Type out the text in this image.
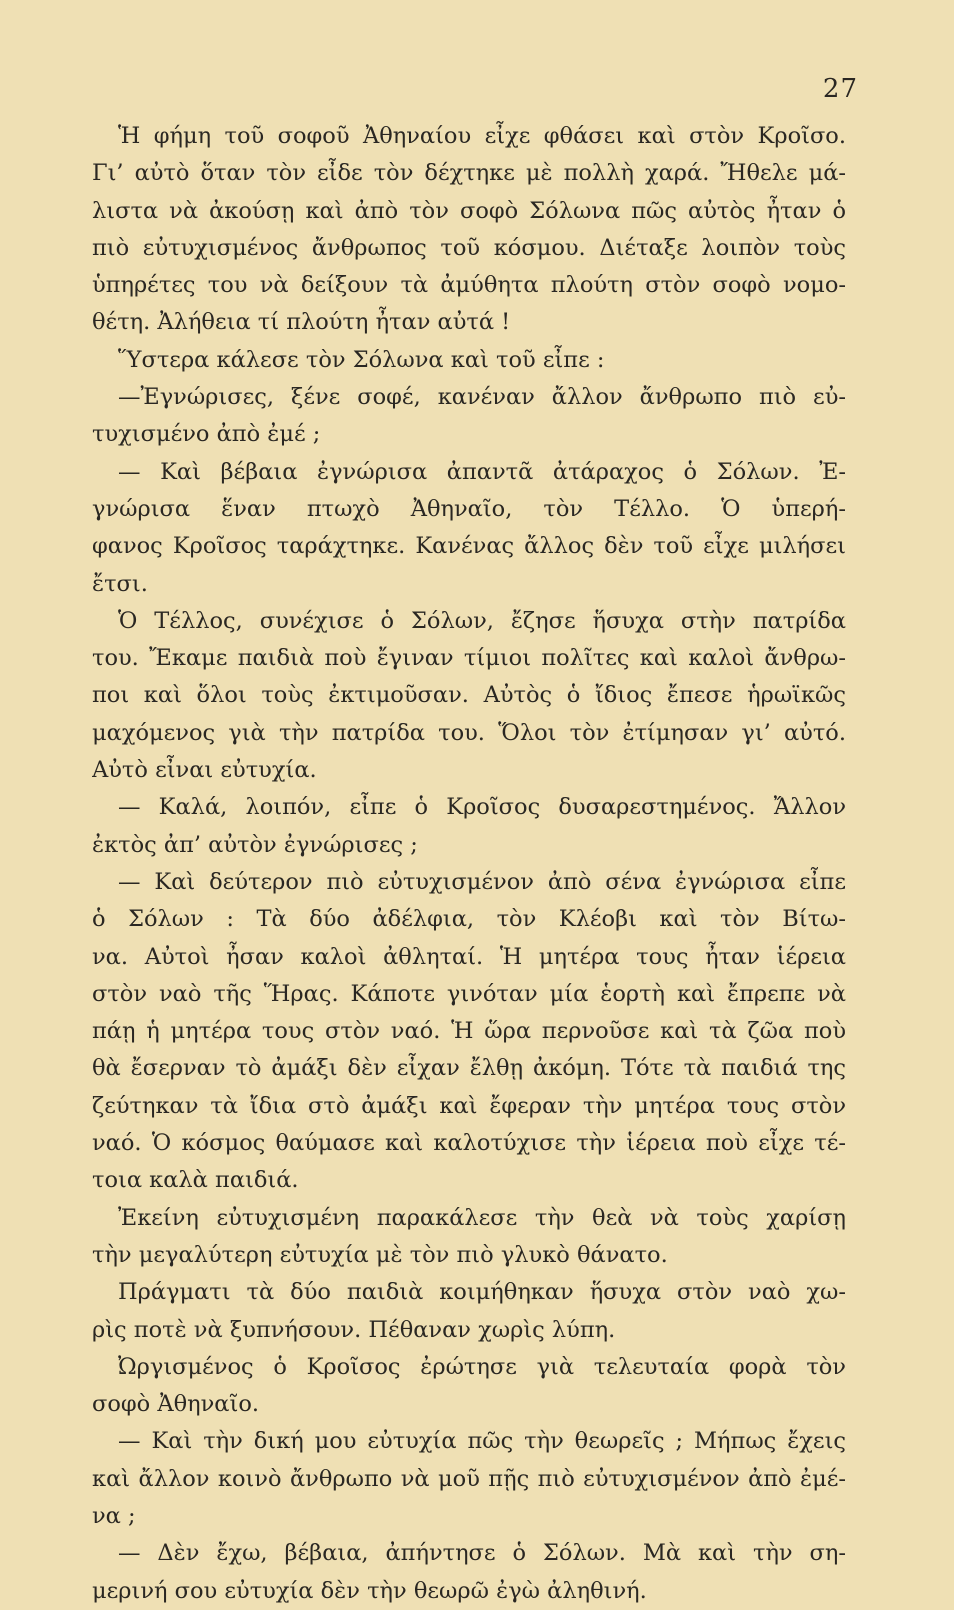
27
Ἡ φήμη τοῦ σοφοῦ Ἀθηναίου εἶχε φθάσει καὶ στὸν Κροῖσο.
Γι’ αὐτὸ ὅταν τὸν εἶδε τὸν δέχτηκε μὲ πολλὴ χαρά. Ἤθελε μά-
λιστα νὰ ἀκούσῃ καὶ ἀπὸ τὸν σοφὸ Σόλωνα πῶς αὐτὸς ἦταν ὁ
πιὸ εὐτυχισμένος ἄνθρωπος τοῦ κόσμου. Διέταξε λοιπὸν τοὺς
ὑπηρέτες του νὰ δείξουν τὰ ἀμύθητα πλούτη στὸν σοφὸ νομο-
θέτη. Ἀλήθεια τί πλούτη ἦταν αὐτά !
Ὕστερα κάλεσε τὸν Σόλωνα καὶ τοῦ εἶπε :
—Ἐγνώρισες, ξένε σοφέ, κανέναν ἄλλον ἄνθρωπο πιὸ εὐ-
τυχισμένο ἀπὸ ἐμέ ;
— Καὶ βέβαια ἐγνώρισα ἀπαντᾶ ἀτάραχος ὁ Σόλων. Ἐ-
γνώρισα ἕναν πτωχὸ Ἀθηναῖο, τὸν Τέλλο. Ὁ ὑπερή-
φανος Κροῖσος ταράχτηκε. Κανένας ἄλλος δὲν τοῦ εἶχε μιλήσει
ἔτσι.
Ὁ Τέλλος, συνέχισε ὁ Σόλων, ἔζησε ἥσυχα στὴν πατρίδα
του. Ἔκαμε παιδιὰ ποὺ ἔγιναν τίμιοι πολῖτες καὶ καλοὶ ἄνθρω-
ποι καὶ ὅλοι τοὺς ἐκτιμοῦσαν. Αὐτὸς ὁ ἴδιος ἔπεσε ἡρωϊκῶς
μαχόμενος γιὰ τὴν πατρίδα του. Ὅλοι τὸν ἐτίμησαν γι’ αὐτό.
Αὐτὸ εἶναι εὐτυχία.
— Καλά, λοιπόν, εἶπε ὁ Κροῖσος δυσαρεστημένος. Ἄλλον
ἐκτὸς ἀπ’ αὐτὸν ἐγνώρισες ;
— Καὶ δεύτερον πιὸ εὐτυχισμένον ἀπὸ σένα ἐγνώρισα εἶπε
ὁ Σόλων : Τὰ δύο ἀδέλφια, τὸν Κλέοβι καὶ τὸν Βίτω-
να. Αὐτοὶ ἦσαν καλοὶ ἀθληταί. Ἡ μητέρα τους ἦταν ἱέρεια
στὸν ναὸ τῆς Ἥρας. Κάποτε γινόταν μία ἑορτὴ καὶ ἔπρεπε νὰ
πάῃ ἡ μητέρα τους στὸν ναό. Ἡ ὥρα περνοῦσε καὶ τὰ ζῶα ποὺ
θὰ ἔσερναν τὸ ἀμάξι δὲν εἶχαν ἔλθῃ ἀκόμη. Τότε τὰ παιδιά της
ζεύτηκαν τὰ ἴδια στὸ ἀμάξι καὶ ἔφεραν τὴν μητέρα τους στὸν
ναό. Ὁ κόσμος θαύμασε καὶ καλοτύχισε τὴν ἱέρεια ποὺ εἶχε τέ-
τοια καλὰ παιδιά.
Ἐκείνη εὐτυχισμένη παρακάλεσε τὴν θεὰ νὰ τοὺς χαρίσῃ
τὴν μεγαλύτερη εὐτυχία μὲ τὸν πιὸ γλυκὸ θάνατο.
Πράγματι τὰ δύο παιδιὰ κοιμήθηκαν ἥσυχα στὸν ναὸ χω-
ρὶς ποτὲ νὰ ξυπνήσουν. Πέθαναν χωρὶς λύπη.
Ὠργισμένος ὁ Κροῖσος ἐρώτησε γιὰ τελευταία φορὰ τὸν
σοφὸ Ἀθηναῖο.
— Καὶ τὴν δική μου εὐτυχία πῶς τὴν θεωρεῖς ; Μήπως ἔχεις
καὶ ἄλλον κοινὸ ἄνθρωπο νὰ μοῦ πῇς πιὸ εὐτυχισμένον ἀπὸ ἐμέ-
να ;
— Δὲν ἔχω, βέβαια, ἀπήντησε ὁ Σόλων. Μὰ καὶ τὴν ση-
μερινή σου εὐτυχία δὲν τὴν θεωρῶ ἐγὼ ἀληθινή.
